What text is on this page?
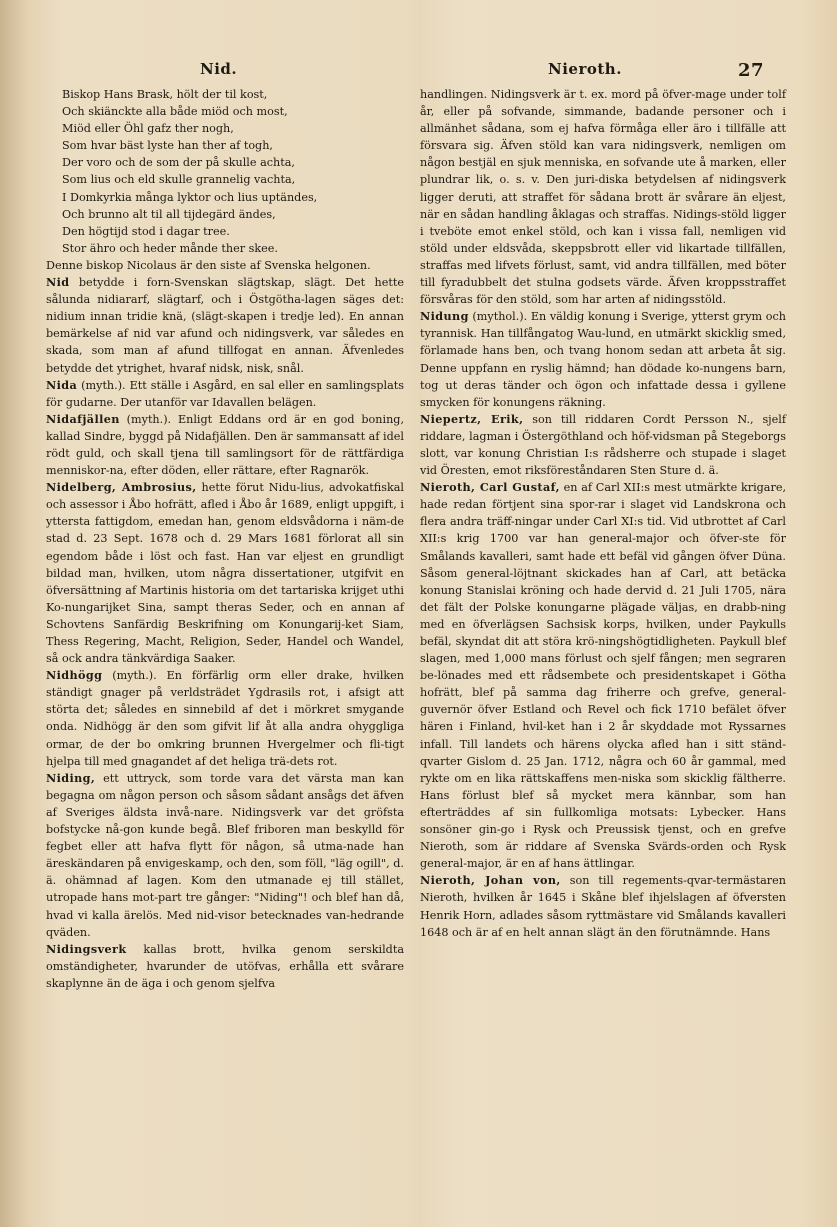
Nid.	Nieroth.	27

Biskop Hans Brask, hölt der til kost,

Och skiänckte alla både miöd och most,

Miöd eller Öhl gafz ther nogh,

Som hvar bäst lyste han ther af togh,

Der voro och de som der på skulle achta,

Som lius och eld skulle grannelig vachta,

I Domkyrkia många lyktor och lius uptändes,

Och brunno alt til all tijdegärd ändes,

Den högtijd stod i dagar tree.

Stor ähro och heder månde ther skee.

Denne biskop Nicolaus är den siste af Svenska helgonen.

Nid betydde i forn-Svenskan slägtskap, slägt. Det hette sålunda nidiararf, slägtarf, och i Östgötha-lagen säges det: nidium innan tridie knä, (slägt-skapen i tredje led). En annan bemärkelse af nid var afund och nidingsverk, var således en skada, som man af afund tillfogat en annan. Äfvenledes betydde det ytrighet, hvaraf nidsk, nisk, snål.

Nida (myth.). Ett ställe i Asgård, en sal eller en samlingsplats för gudarne. Der utanför var Idavallen belägen.

Nidafjällen (myth.). Enligt Eddans ord är en god boning, kallad Sindre, byggd på Nidafjällen. Den är sammansatt af idel rödt guld, och skall tjena till samlingsort för de rättfärdiga menniskor-na, efter döden, eller rättare, efter Ragnarök.

Nidelberg, Ambrosius, hette förut Nidu-lius, advokatfiskal och assessor i Åbo hofrätt, afled i Åbo år 1689, enligt uppgift, i yttersta fattigdom, emedan han, genom eldsvådorna i näm-de stad d. 23 Sept. 1678 och d. 29 Mars 1681 förlorat all sin egendom både i löst och fast. Han var eljest en grundligt bildad man, hvilken, utom några dissertationer, utgifvit en öfversättning af Martinis historia om det tartariska krijget uthi Ko-nungarijket Sina, sampt theras Seder, och en annan af Schovtens Sanfärdig Beskrifning om Konungarij-ket Siam, Thess Regering, Macht, Religion, Seder, Handel och Wandel, så ock andra tänkvärdiga Saaker.

Nidhögg (myth.). En förfärlig orm eller drake, hvilken ständigt gnager på verldsträdet Ygdrasils rot, i afsigt att störta det; således en sinnebild af det i mörkret smygande onda. Nidhögg är den som gifvit lif åt alla andra ohyggliga ormar, de der bo omkring brunnen Hvergelmer och fli-tigt hjelpa till med gnagandet af det heliga trä-dets rot.

Niding, ett uttryck, som torde vara det värsta man kan begagna om någon person och såsom sådant ansågs det äfven af Sveriges äldsta invå-nare. Nidingsverk var det gröfsta bofstycke nå-gon kunde begå. Blef friboren man beskylld för fegbet eller att hafva flytt för någon, så utma-nade han äreskändaren på envigeskamp, och den, som föll, "läg ogill", d. ä. ohämnad af lagen. Kom den utmanade ej till stället, utropade hans mot-part tre gånger: "Niding"! och blef han då, hvad vi kalla ärelös. Med nid-visor betecknades van-hedrande qväden.

Nidingsverk kallas brott, hvilka genom serskildta omständigheter, hvarunder de utöfvas, erhålla ett svårare skaplynne än de äga i och genom sjelfva

handlingen. Nidingsverk är t. ex. mord på öfver-mage under tolf år, eller på sofvande, simmande, badande personer och i allmänhet sådana, som ej hafva förmåga eller äro i tillfälle att försvara sig. Äfven stöld kan vara nidingsverk, nemligen om någon bestjäl en sjuk menniska, en sofvande ute å marken, eller plundrar lik, o. s. v. Den juri-diska betydelsen af nidingsverk ligger deruti, att straffet för sådana brott är svårare än eljest, när en sådan handling åklagas och straffas. Nidings-stöld ligger i tveböte emot enkel stöld, och kan i vissa fall, nemligen vid stöld under eldsvåda, skeppsbrott eller vid likartade tillfällen, straffas med lifvets förlust, samt, vid andra tillfällen, med böter till fyradubbelt det stulna godsets värde. Äfven kroppsstraffet försvåras för den stöld, som har arten af nidingsstöld.

Nidung (mythol.). En väldig konung i Sverige, ytterst grym och tyrannisk. Han tillfångatog Wau-lund, en utmärkt skicklig smed, förlamade hans ben, och tvang honom sedan att arbeta åt sig. Denne uppfann en ryslig hämnd; han dödade ko-nungens barn, tog ut deras tänder och ögon och infattade dessa i gyllene smycken för konungens räkning.

Niepertz, Erik, son till riddaren Cordt Persson N., sjelf riddare, lagman i Östergöthland och höf-vidsman på Stegeborgs slott, var konung Christian I:s rådsherre och stupade i slaget vid Öresten, emot riksföreståndaren Sten Sture d. ä.

Nieroth, Carl Gustaf, en af Carl XII:s mest utmärkte krigare, hade redan förtjent sina spor-rar i slaget vid Landskrona och flera andra träff-ningar under Carl XI:s tid. Vid utbrottet af Carl XII:s krig 1700 var han general-major och öfver-ste för Smålands kavalleri, samt hade ett befäl vid gången öfver Düna. Såsom general-löjtnant skickades han af Carl, att betäcka konung Stanislai kröning och hade dervid d. 21 Juli 1705, nära det fält der Polske konungarne plägade väljas, en drabb-ning med en öfverlägsen Sachsisk korps, hvilken, under Paykulls befäl, skyndat dit att störa krö-ningshögtidligheten. Paykull blef slagen, med 1,000 mans förlust och sjelf fången; men segraren be-lönades med ett rådsembete och presidentskapet i Götha hofrätt, blef på samma dag friherre och grefve, general-guvernör öfver Estland och Revel och fick 1710 befälet öfver hären i Finland, hvil-ket han i 2 år skyddade mot Ryssarnes infall. Till landets och härens olycka afled han i sitt ständ-qvarter Gislom d. 25 Jan. 1712, några och 60 år gammal, med rykte om en lika rättskaffens men-niska som skicklig fältherre. Hans förlust blef så mycket mera kännbar, som han efterträddes af sin fullkomliga motsats: Lybecker. Hans sonsöner gin-go i Rysk och Preussisk tjenst, och en grefve Nieroth, som är riddare af Svenska Svärds-orden och Rysk general-major, är en af hans ättlingar.

Nieroth, Johan von, son till regements-qvar-termästaren Nieroth, hvilken år 1645 i Skåne blef ihjelslagen af öfversten Henrik Horn, adlades såsom ryttmästare vid Smålands kavalleri 1648 och är af en helt annan slägt än den förutnämnde. Hans
